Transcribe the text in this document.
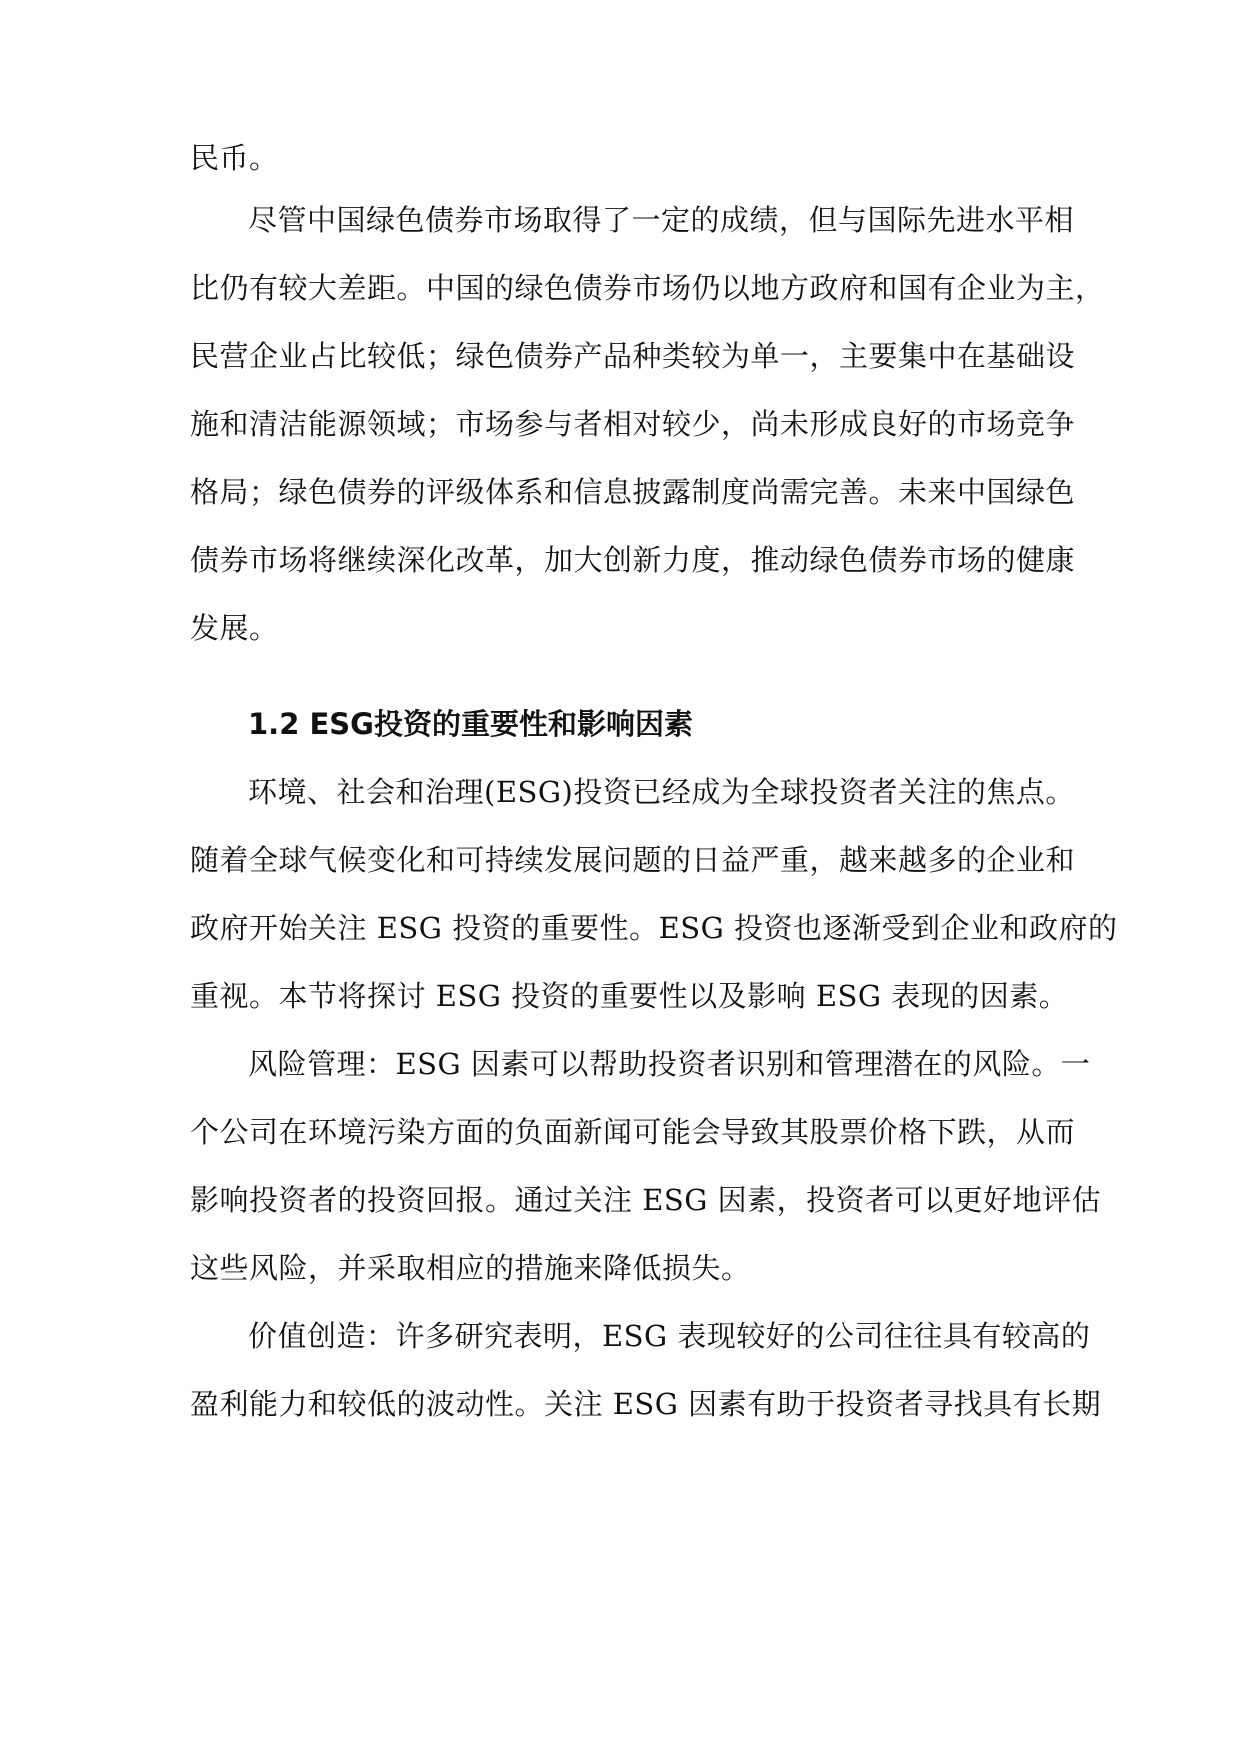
民币。
尽管中国绿色债券市场取得了一定的成绩，但与国际先进水平相
比仍有较大差距。中国的绿色债券市场仍以地方政府和国有企业为主，
民营企业占比较低；绿色债券产品种类较为单一，主要集中在基础设
施和清洁能源领域；市场参与者相对较少，尚未形成良好的市场竞争
格局；绿色债券的评级体系和信息披露制度尚需完善。未来中国绿色
债券市场将继续深化改革，加大创新力度，推动绿色债券市场的健康
发展。
1.2 ESG投资的重要性和影响因素
环境、社会和治理(ESG)投资已经成为全球投资者关注的焦点。
随着全球气候变化和可持续发展问题的日益严重，越来越多的企业和
政府开始关注 ESG 投资的重要性。ESG 投资也逐渐受到企业和政府的
重视。本节将探讨 ESG 投资的重要性以及影响 ESG 表现的因素。
风险管理：ESG 因素可以帮助投资者识别和管理潜在的风险。一
个公司在环境污染方面的负面新闻可能会导致其股票价格下跌，从而
影响投资者的投资回报。通过关注 ESG 因素，投资者可以更好地评估
这些风险，并采取相应的措施来降低损失。
价值创造：许多研究表明，ESG 表现较好的公司往往具有较高的
盈利能力和较低的波动性。关注 ESG 因素有助于投资者寻找具有长期
